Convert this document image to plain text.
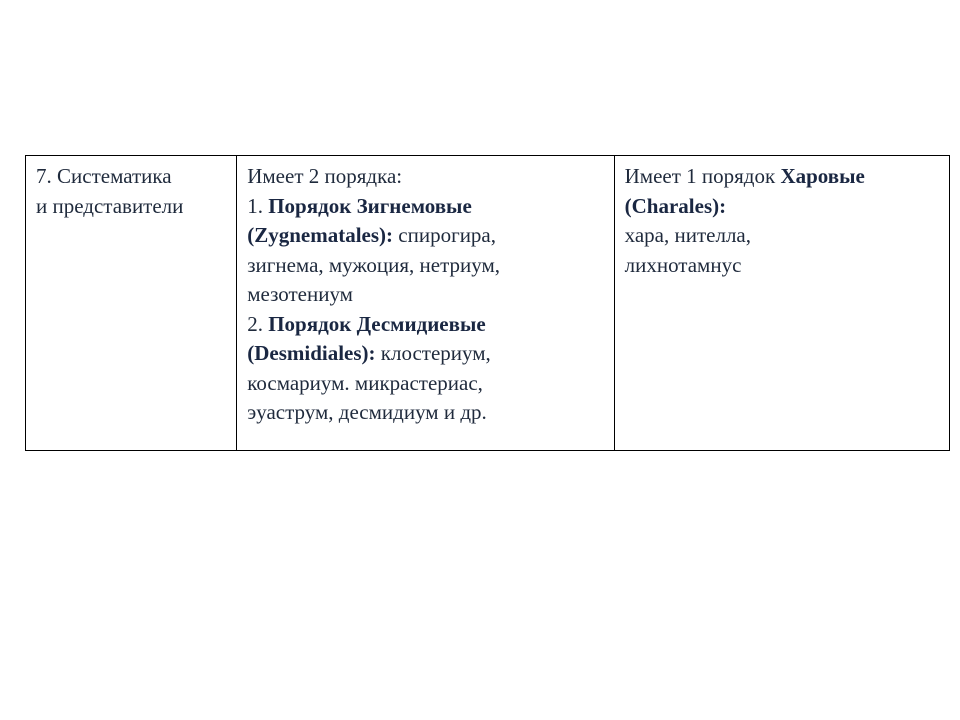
7. Систематика
и представители

Имеет 2 порядка:
1. Порядок Зигнемовые
(Zygnematales): спирогира,
зигнема, мужоция, нетриум,
мезотениум
2. Порядок Десмидиевые
(Desmidiales): клостериум,
космариум. микрастериас,
эуаструм, десмидиум и др.

Имеет 1 порядок Харовые
(Charales):
хара, нителла,
лихнотамнус
